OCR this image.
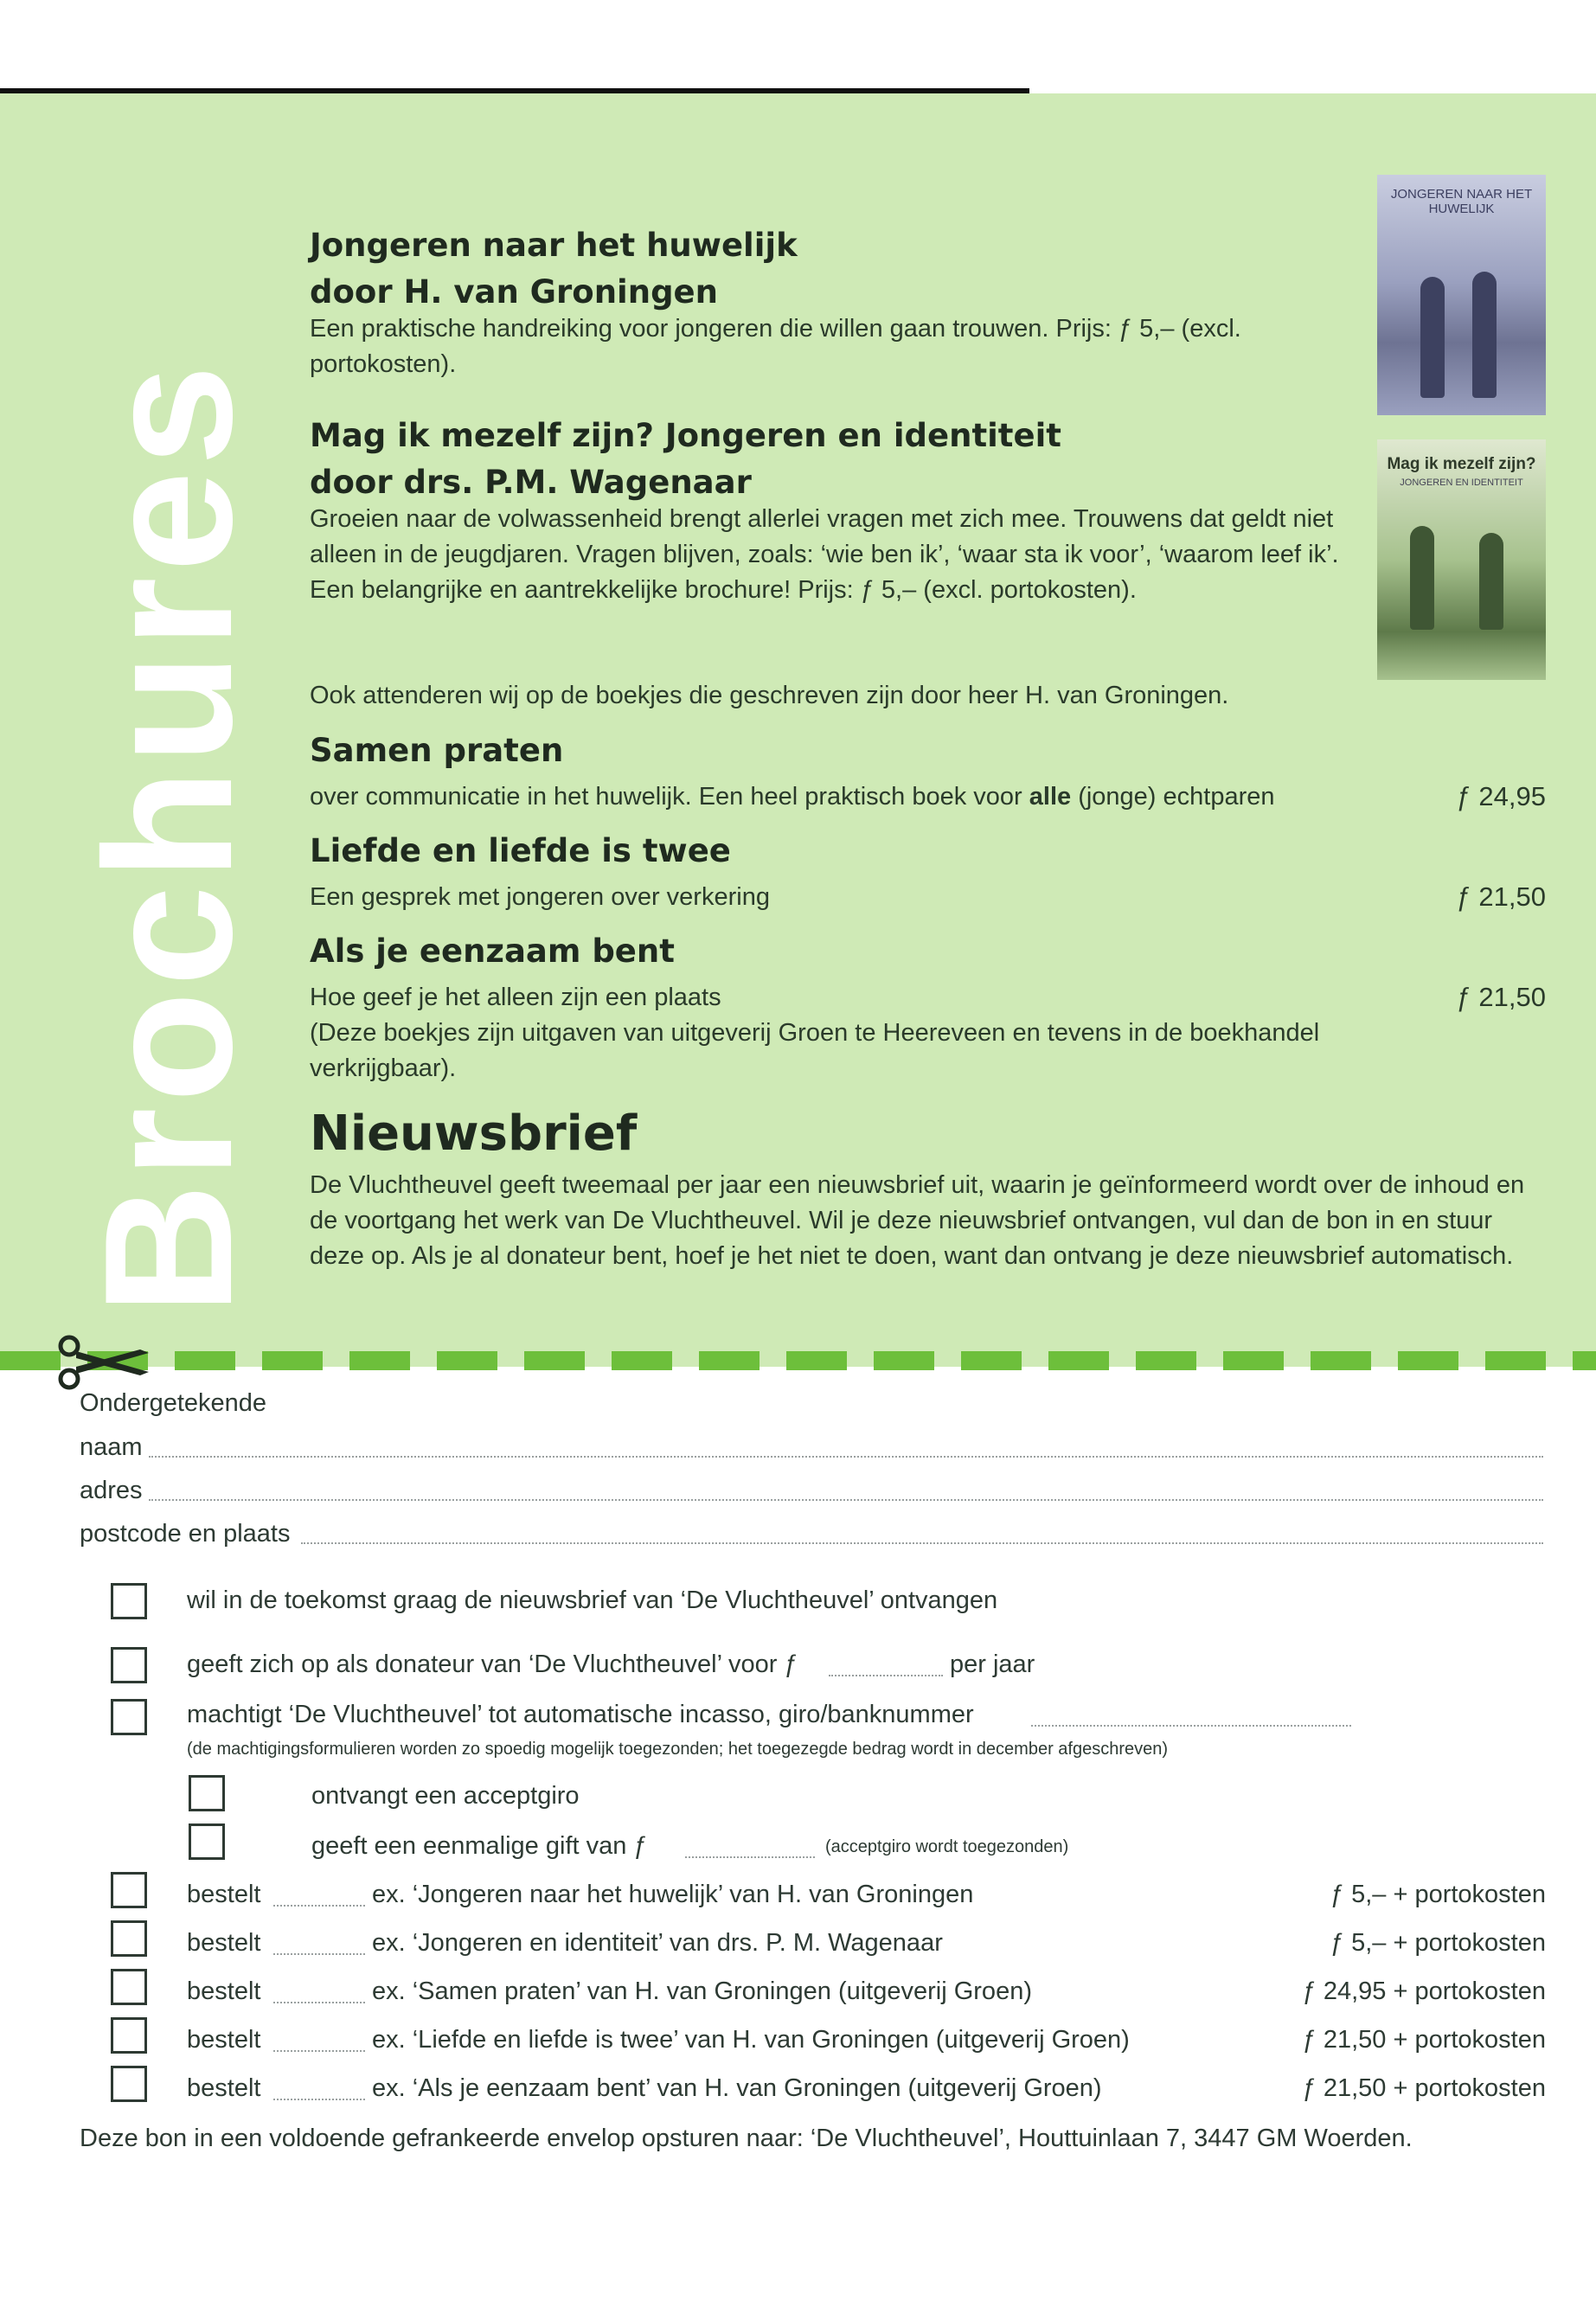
Brochures
JONGEREN NAAR HET HUWELIJK
Mag ik mezelf zijn?
JONGEREN EN IDENTITEIT
Jongeren naar het huwelijk
door H. van Groningen
Een praktische handreiking voor jongeren die willen gaan trouwen. Prijs: ƒ 5,– (excl. portokosten).
Mag ik mezelf zijn? Jongeren en identiteit
door drs. P.M. Wagenaar
Groeien naar de volwassenheid brengt allerlei vragen met zich mee. Trouwens dat geldt niet alleen in de jeugdjaren. Vragen blijven, zoals: ‘wie ben ik’, ‘waar sta ik voor’, ‘waarom leef ik’. Een belangrijke en aantrekkelijke brochure! Prijs: ƒ 5,– (excl. portokosten).
Ook attenderen wij op de boekjes die geschreven zijn door heer H. van Groningen.
Samen praten
over communicatie in het huwelijk. Een heel praktisch boek voor alle (jonge) echtparen	ƒ 24,95
Liefde en liefde is twee
Een gesprek met jongeren over verkering	ƒ 21,50
Als je eenzaam bent
Hoe geef je het alleen zijn een plaats	ƒ 21,50
(Deze boekjes zijn uitgaven van uitgeverij Groen te Heereveen en tevens in de boekhandel verkrijgbaar).
Nieuwsbrief
De Vluchtheuvel geeft tweemaal per jaar een nieuwsbrief uit, waarin je geïnformeerd wordt over de inhoud en de voortgang het werk van De Vluchtheuvel. Wil je deze nieuwsbrief ontvangen, vul dan de bon in en stuur deze op. Als je al donateur bent, hoef je het niet te doen, want dan ontvang je deze nieuwsbrief automatisch.
Ondergetekende
naam
adres
postcode en plaats
wil in de toekomst graag de nieuwsbrief van ‘De Vluchtheuvel’ ontvangen
geeft zich op als donateur van ‘De Vluchtheuvel’ voor ƒ	per jaar
machtigt ‘De Vluchtheuvel’ tot automatische incasso, giro/banknummer
(de machtigingsformulieren worden zo spoedig mogelijk toegezonden; het toegezegde bedrag wordt in december afgeschreven)
ontvangt een acceptgiro
geeft een eenmalige gift van ƒ	(acceptgiro wordt toegezonden)
bestelt	ex. ‘Jongeren naar het huwelijk’ van H. van Groningen	ƒ 5,– + portokosten
bestelt	ex. ‘Jongeren en identiteit’ van drs. P. M. Wagenaar	ƒ 5,– + portokosten
bestelt	ex. ‘Samen praten’ van H. van Groningen (uitgeverij Groen)	ƒ 24,95 + portokosten
bestelt	ex. ‘Liefde en liefde is twee’ van H. van Groningen (uitgeverij Groen)	ƒ 21,50 + portokosten
bestelt	ex. ‘Als je eenzaam bent’ van H. van Groningen (uitgeverij Groen)	ƒ 21,50 + portokosten
Deze bon in een voldoende gefrankeerde envelop opsturen naar: ‘De Vluchtheuvel’, Houttuinlaan 7, 3447 GM Woerden.
